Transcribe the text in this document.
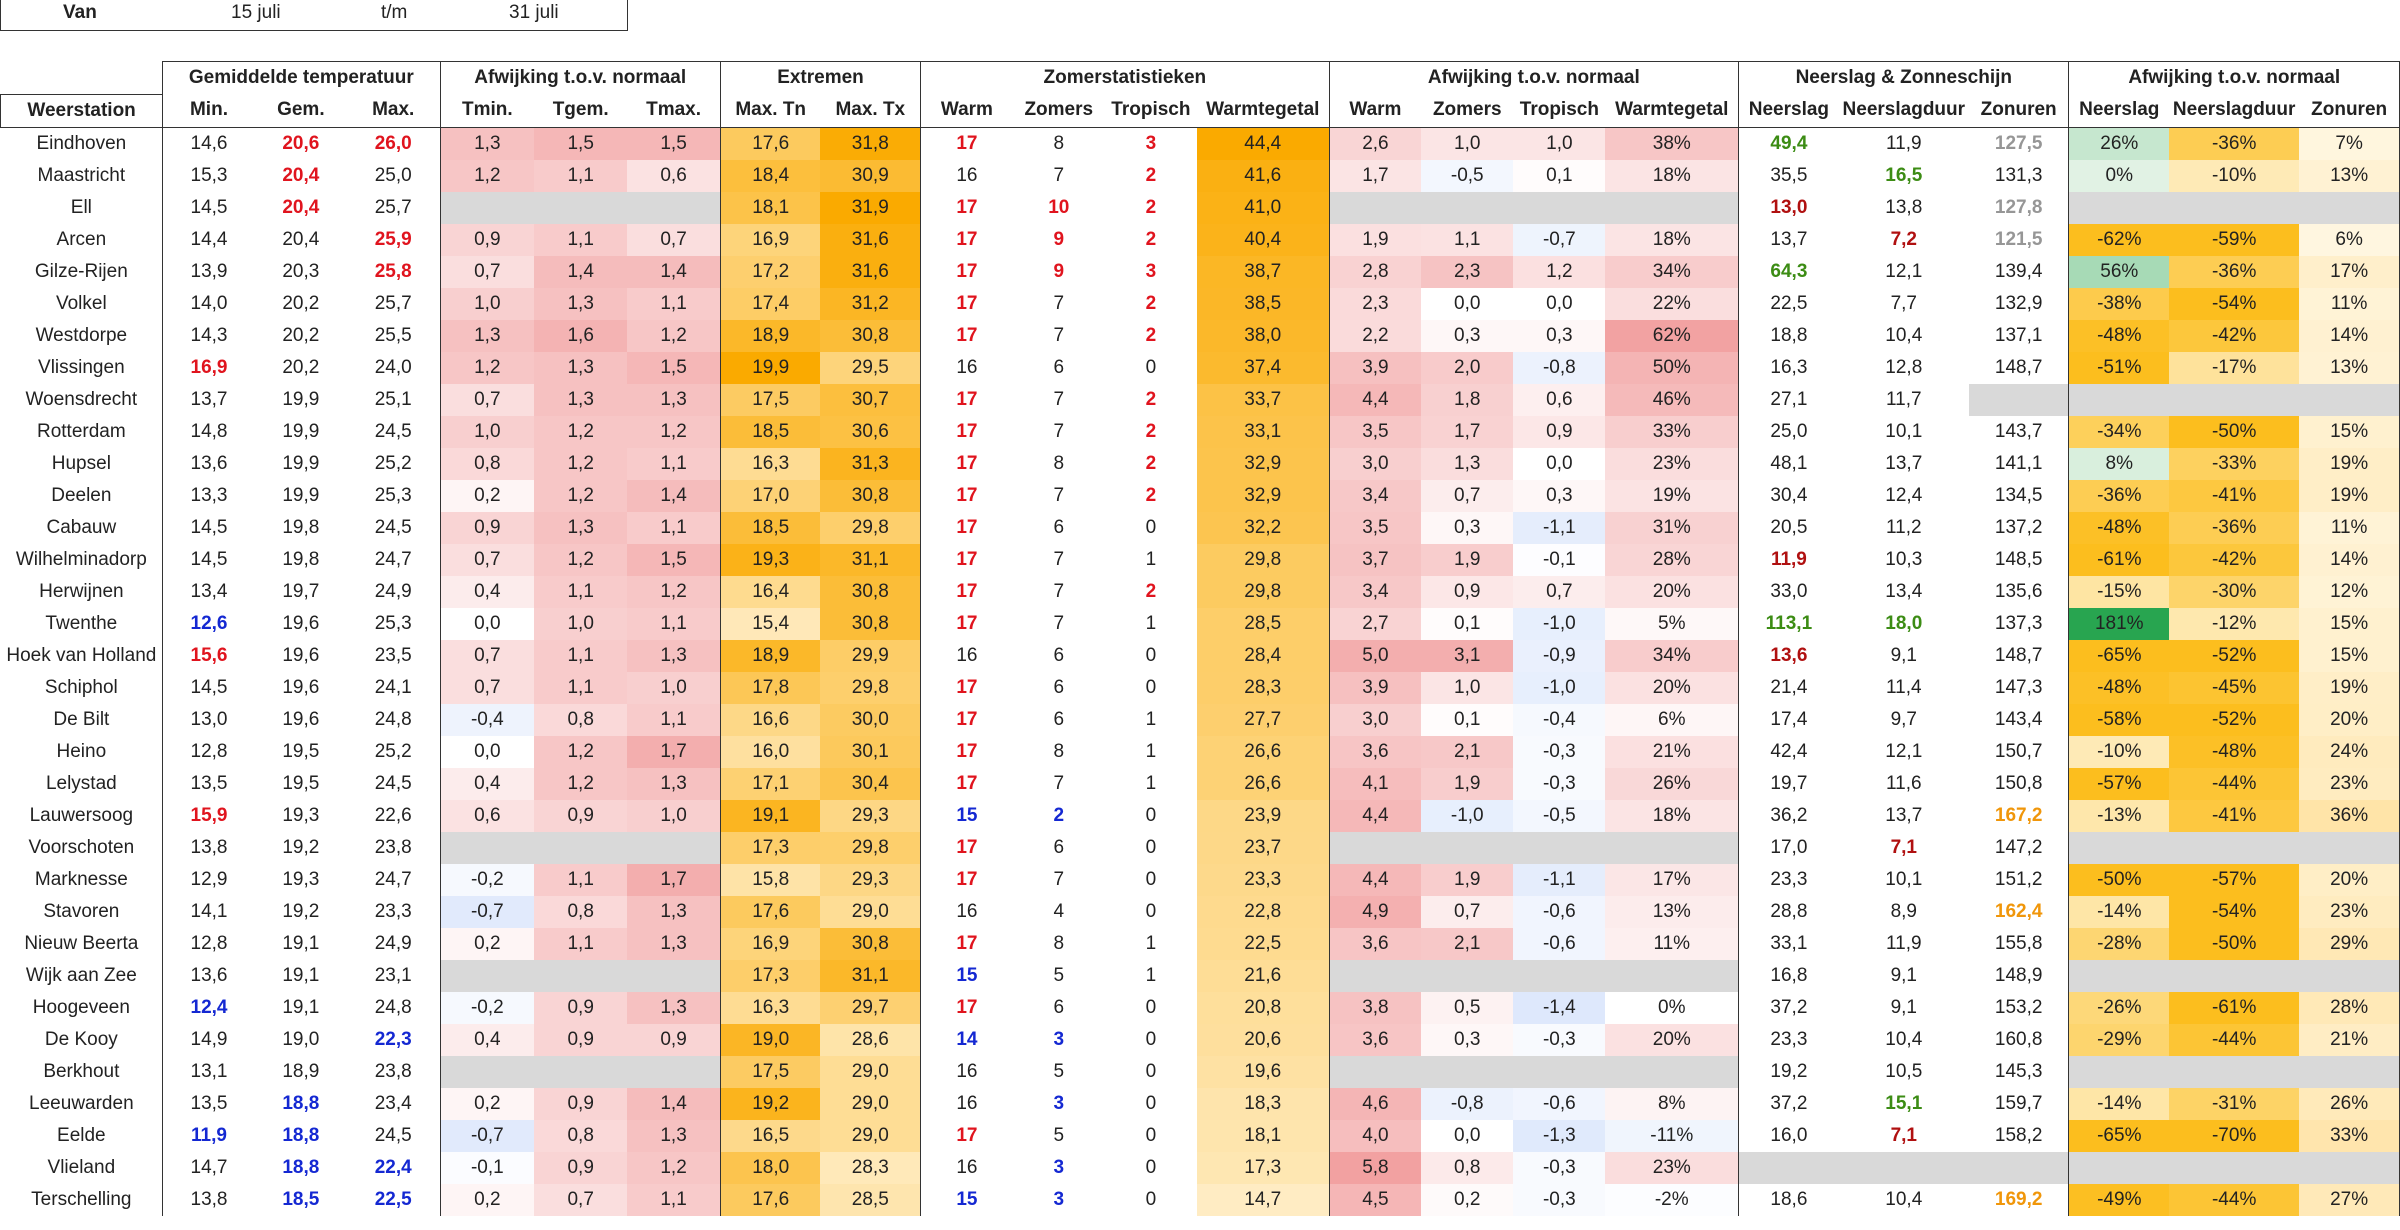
Van	15 juli	t/m	31 juli
	Gemiddelde temperatuur			Afwijking t.o.v. normaal			Extremen		Zomerstatistieken				Afwijking t.o.v. normaal				Neerslag & Zonneschijn			Afwijking t.o.v. normaal		
Weerstation	Min.	Gem.	Max.	Tmin.	Tgem.	Tmax.	Max. Tn	Max. Tx	Warm	Zomers	Tropisch	Warmtegetal	Warm	Zomers	Tropisch	Warmtegetal	Neerslag	Neerslagduur	Zonuren	Neerslag	Neerslagduur	Zonuren
Eindhoven	14,6	20,6	26,0	1,3	1,5	1,5	17,6	31,8	17	8	3	44,4	2,6	1,0	1,0	38%	49,4	11,9	127,5	26%	-36%	7%
Maastricht	15,3	20,4	25,0	1,2	1,1	0,6	18,4	30,9	16	7	2	41,6	1,7	-0,5	0,1	18%	35,5	16,5	131,3	0%	-10%	13%
Ell	14,5	20,4	25,7				18,1	31,9	17	10	2	41,0					13,0	13,8	127,8			
Arcen	14,4	20,4	25,9	0,9	1,1	0,7	16,9	31,6	17	9	2	40,4	1,9	1,1	-0,7	18%	13,7	7,2	121,5	-62%	-59%	6%
Gilze-Rijen	13,9	20,3	25,8	0,7	1,4	1,4	17,2	31,6	17	9	3	38,7	2,8	2,3	1,2	34%	64,3	12,1	139,4	56%	-36%	17%
Volkel	14,0	20,2	25,7	1,0	1,3	1,1	17,4	31,2	17	7	2	38,5	2,3	0,0	0,0	22%	22,5	7,7	132,9	-38%	-54%	11%
Westdorpe	14,3	20,2	25,5	1,3	1,6	1,2	18,9	30,8	17	7	2	38,0	2,2	0,3	0,3	62%	18,8	10,4	137,1	-48%	-42%	14%
Vlissingen	16,9	20,2	24,0	1,2	1,3	1,5	19,9	29,5	16	6	0	37,4	3,9	2,0	-0,8	50%	16,3	12,8	148,7	-51%	-17%	13%
Woensdrecht	13,7	19,9	25,1	0,7	1,3	1,3	17,5	30,7	17	7	2	33,7	4,4	1,8	0,6	46%	27,1	11,7				
Rotterdam	14,8	19,9	24,5	1,0	1,2	1,2	18,5	30,6	17	7	2	33,1	3,5	1,7	0,9	33%	25,0	10,1	143,7	-34%	-50%	15%
Hupsel	13,6	19,9	25,2	0,8	1,2	1,1	16,3	31,3	17	8	2	32,9	3,0	1,3	0,0	23%	48,1	13,7	141,1	8%	-33%	19%
Deelen	13,3	19,9	25,3	0,2	1,2	1,4	17,0	30,8	17	7	2	32,9	3,4	0,7	0,3	19%	30,4	12,4	134,5	-36%	-41%	19%
Cabauw	14,5	19,8	24,5	0,9	1,3	1,1	18,5	29,8	17	6	0	32,2	3,5	0,3	-1,1	31%	20,5	11,2	137,2	-48%	-36%	11%
Wilhelminadorp	14,5	19,8	24,7	0,7	1,2	1,5	19,3	31,1	17	7	1	29,8	3,7	1,9	-0,1	28%	11,9	10,3	148,5	-61%	-42%	14%
Herwijnen	13,4	19,7	24,9	0,4	1,1	1,2	16,4	30,8	17	7	2	29,8	3,4	0,9	0,7	20%	33,0	13,4	135,6	-15%	-30%	12%
Twenthe	12,6	19,6	25,3	0,0	1,0	1,1	15,4	30,8	17	7	1	28,5	2,7	0,1	-1,0	5%	113,1	18,0	137,3	181%	-12%	15%
Hoek van Holland	15,6	19,6	23,5	0,7	1,1	1,3	18,9	29,9	16	6	0	28,4	5,0	3,1	-0,9	34%	13,6	9,1	148,7	-65%	-52%	15%
Schiphol	14,5	19,6	24,1	0,7	1,1	1,0	17,8	29,8	17	6	0	28,3	3,9	1,0	-1,0	20%	21,4	11,4	147,3	-48%	-45%	19%
De Bilt	13,0	19,6	24,8	-0,4	0,8	1,1	16,6	30,0	17	6	1	27,7	3,0	0,1	-0,4	6%	17,4	9,7	143,4	-58%	-52%	20%
Heino	12,8	19,5	25,2	0,0	1,2	1,7	16,0	30,1	17	8	1	26,6	3,6	2,1	-0,3	21%	42,4	12,1	150,7	-10%	-48%	24%
Lelystad	13,5	19,5	24,5	0,4	1,2	1,3	17,1	30,4	17	7	1	26,6	4,1	1,9	-0,3	26%	19,7	11,6	150,8	-57%	-44%	23%
Lauwersoog	15,9	19,3	22,6	0,6	0,9	1,0	19,1	29,3	15	2	0	23,9	4,4	-1,0	-0,5	18%	36,2	13,7	167,2	-13%	-41%	36%
Voorschoten	13,8	19,2	23,8				17,3	29,8	17	6	0	23,7					17,0	7,1	147,2			
Marknesse	12,9	19,3	24,7	-0,2	1,1	1,7	15,8	29,3	17	7	0	23,3	4,4	1,9	-1,1	17%	23,3	10,1	151,2	-50%	-57%	20%
Stavoren	14,1	19,2	23,3	-0,7	0,8	1,3	17,6	29,0	16	4	0	22,8	4,9	0,7	-0,6	13%	28,8	8,9	162,4	-14%	-54%	23%
Nieuw Beerta	12,8	19,1	24,9	0,2	1,1	1,3	16,9	30,8	17	8	1	22,5	3,6	2,1	-0,6	11%	33,1	11,9	155,8	-28%	-50%	29%
Wijk aan Zee	13,6	19,1	23,1				17,3	31,1	15	5	1	21,6					16,8	9,1	148,9			
Hoogeveen	12,4	19,1	24,8	-0,2	0,9	1,3	16,3	29,7	17	6	0	20,8	3,8	0,5	-1,4	0%	37,2	9,1	153,2	-26%	-61%	28%
De Kooy	14,9	19,0	22,3	0,4	0,9	0,9	19,0	28,6	14	3	0	20,6	3,6	0,3	-0,3	20%	23,3	10,4	160,8	-29%	-44%	21%
Berkhout	13,1	18,9	23,8				17,5	29,0	16	5	0	19,6					19,2	10,5	145,3			
Leeuwarden	13,5	18,8	23,4	0,2	0,9	1,4	19,2	29,0	16	3	0	18,3	4,6	-0,8	-0,6	8%	37,2	15,1	159,7	-14%	-31%	26%
Eelde	11,9	18,8	24,5	-0,7	0,8	1,3	16,5	29,0	17	5	0	18,1	4,0	0,0	-1,3	-11%	16,0	7,1	158,2	-65%	-70%	33%
Vlieland	14,7	18,8	22,4	-0,1	0,9	1,2	18,0	28,3	16	3	0	17,3	5,8	0,8	-0,3	23%						
Terschelling	13,8	18,5	22,5	0,2	0,7	1,1	17,6	28,5	15	3	0	14,7	4,5	0,2	-0,3	-2%	18,6	10,4	169,2	-49%	-44%	27%
